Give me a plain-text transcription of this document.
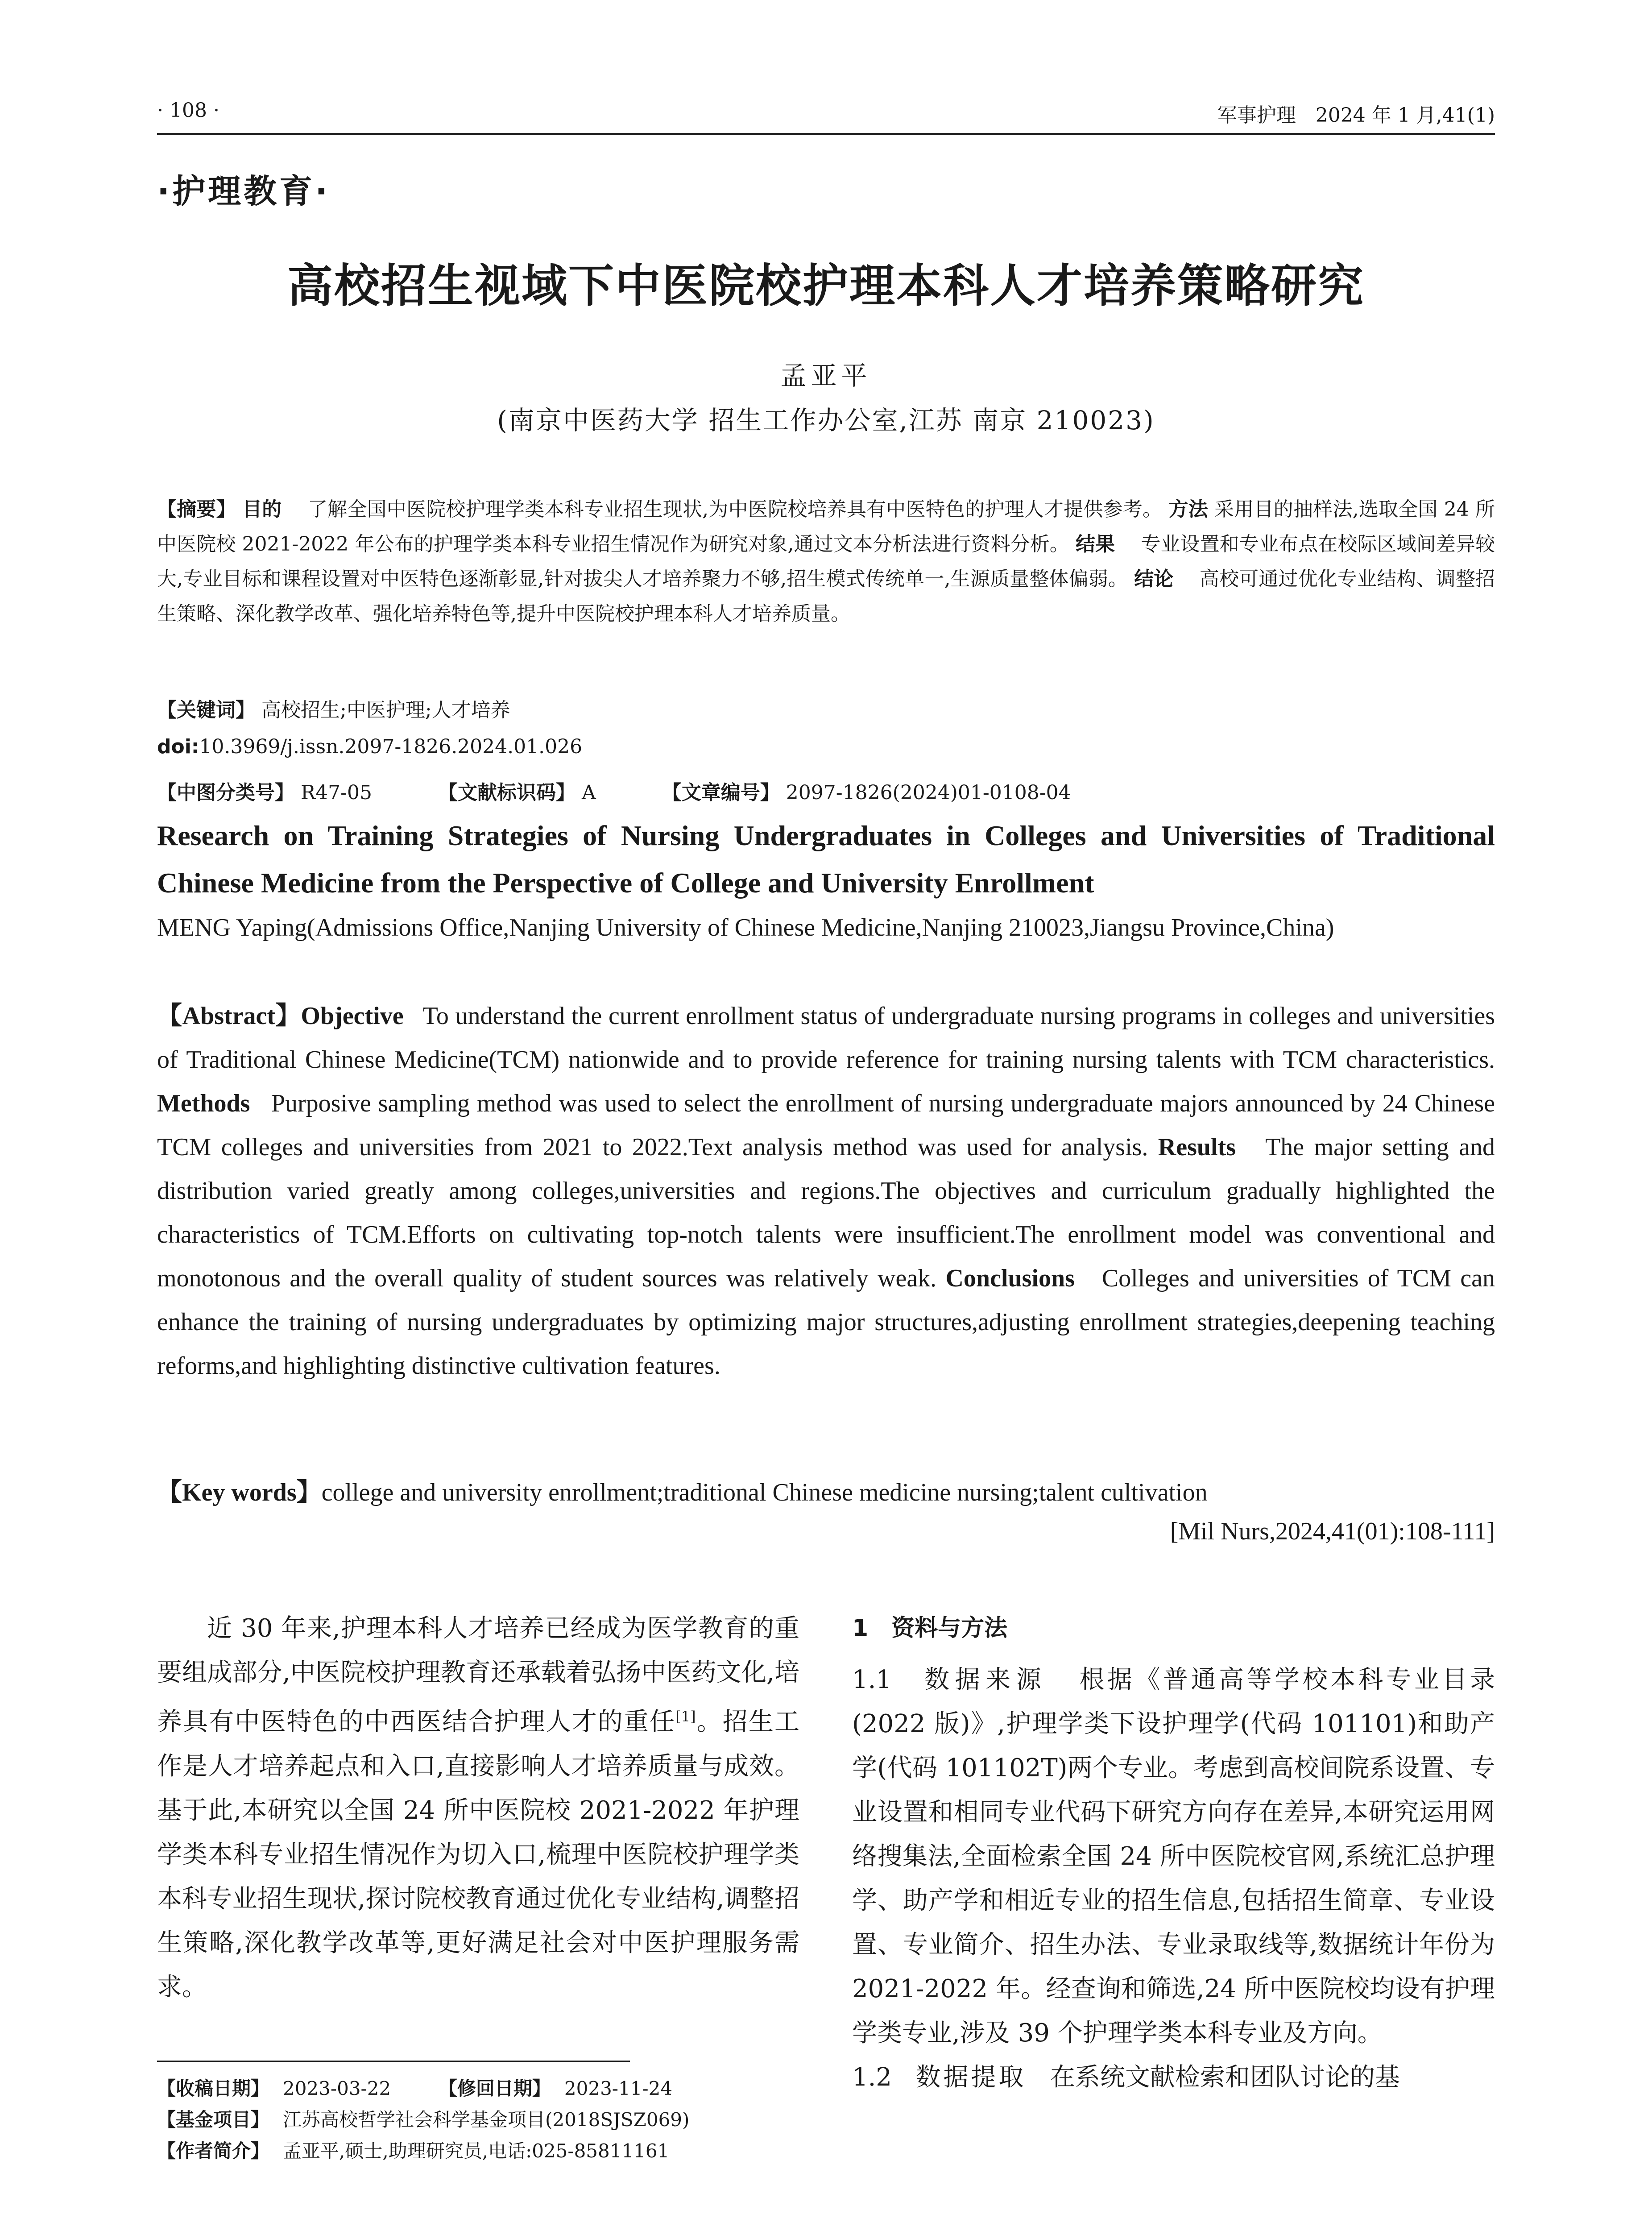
· 108 ·	军事护理　2024 年 1 月,41(1)
·护理教育·
高校招生视域下中医院校护理本科人才培养策略研究
孟亚平
(南京中医药大学 招生工作办公室,江苏 南京 210023)
【摘要】 目的　 了解全国中医院校护理学类本科专业招生现状,为中医院校培养具有中医特色的护理人才提供参考。 方法 采用目的抽样法,选取全国 24 所中医院校 2021-2022 年公布的护理学类本科专业招生情况作为研究对象,通过文本分析法进行资料分析。 结果　 专业设置和专业布点在校际区域间差异较大,专业目标和课程设置对中医特色逐渐彰显,针对拔尖人才培养聚力不够,招生模式传统单一,生源质量整体偏弱。 结论　 高校可通过优化专业结构、调整招生策略、深化教学改革、强化培养特色等,提升中医院校护理本科人才培养质量。
【关键词】 高校招生;中医护理;人才培养
doi:10.3969/j.issn.2097-1826.2024.01.026
【中图分类号】 R47-05	【文献标识码】 A	【文章编号】 2097-1826(2024)01-0108-04
Research on Training Strategies of Nursing Undergraduates in Colleges and Universities of Traditional Chinese Medicine from the Perspective of College and University Enrollment
MENG Yaping(Admissions Office,Nanjing University of Chinese Medicine,Nanjing 210023,Jiangsu Province,China)
【Abstract】Objective To understand the current enrollment status of undergraduate nursing programs in colleges and universities of Traditional Chinese Medicine(TCM) nationwide and to provide reference for training nursing talents with TCM characteristics. Methods Purposive sampling method was used to select the enrollment of nursing undergraduate majors announced by 24 Chinese TCM colleges and universities from 2021 to 2022.Text analysis method was used for analysis. Results The major setting and distribution varied greatly among colleges,universities and regions.The objectives and curriculum gradually highlighted the characteristics of TCM.Efforts on cultivating top-notch talents were insufficient.The enrollment model was conventional and monotonous and the overall quality of student sources was relatively weak. Conclusions Colleges and universities of TCM can enhance the training of nursing undergraduates by optimizing major structures,adjusting enrollment strategies,deepening teaching reforms,and highlighting distinctive cultivation features.
【Key words】college and university enrollment;traditional Chinese medicine nursing;talent cultivation
[Mil Nurs,2024,41(01):108-111]

近 30 年来,护理本科人才培养已经成为医学教育的重要组成部分,中医院校护理教育还承载着弘扬中医药文化,培养具有中医特色的中西医结合护理人才的重任[1]。招生工作是人才培养起点和入口,直接影响人才培养质量与成效。基于此,本研究以全国 24 所中医院校 2021-2022 年护理学类本科专业招生情况作为切入口,梳理中医院校护理学类本科专业招生现状,探讨院校教育通过优化专业结构,调整招生策略,深化教学改革等,更好满足社会对中医护理服务需求。

1　资料与方法

1.1 数据来源 根据《普通高等学校本科专业目录(2022 版)》,护理学类下设护理学(代码 101101)和助产学(代码 101102T)两个专业。考虑到高校间院系设置、专业设置和相同专业代码下研究方向存在差异,本研究运用网络搜集法,全面检索全国 24 所中医院校官网,系统汇总护理学、助产学和相近专业的招生信息,包括招生简章、专业设置、专业简介、招生办法、专业录取线等,数据统计年份为 2021-2022 年。经查询和筛选,24 所中医院校均设有护理学类专业,涉及 39 个护理学类本科专业及方向。

1.2 数据提取 在系统文献检索和团队讨论的基

【收稿日期】 2023-03-22	【修回日期】 2023-11-24
【基金项目】 江苏高校哲学社会科学基金项目(2018SJSZ069)
【作者简介】 孟亚平,硕士,助理研究员,电话:025-85811161
